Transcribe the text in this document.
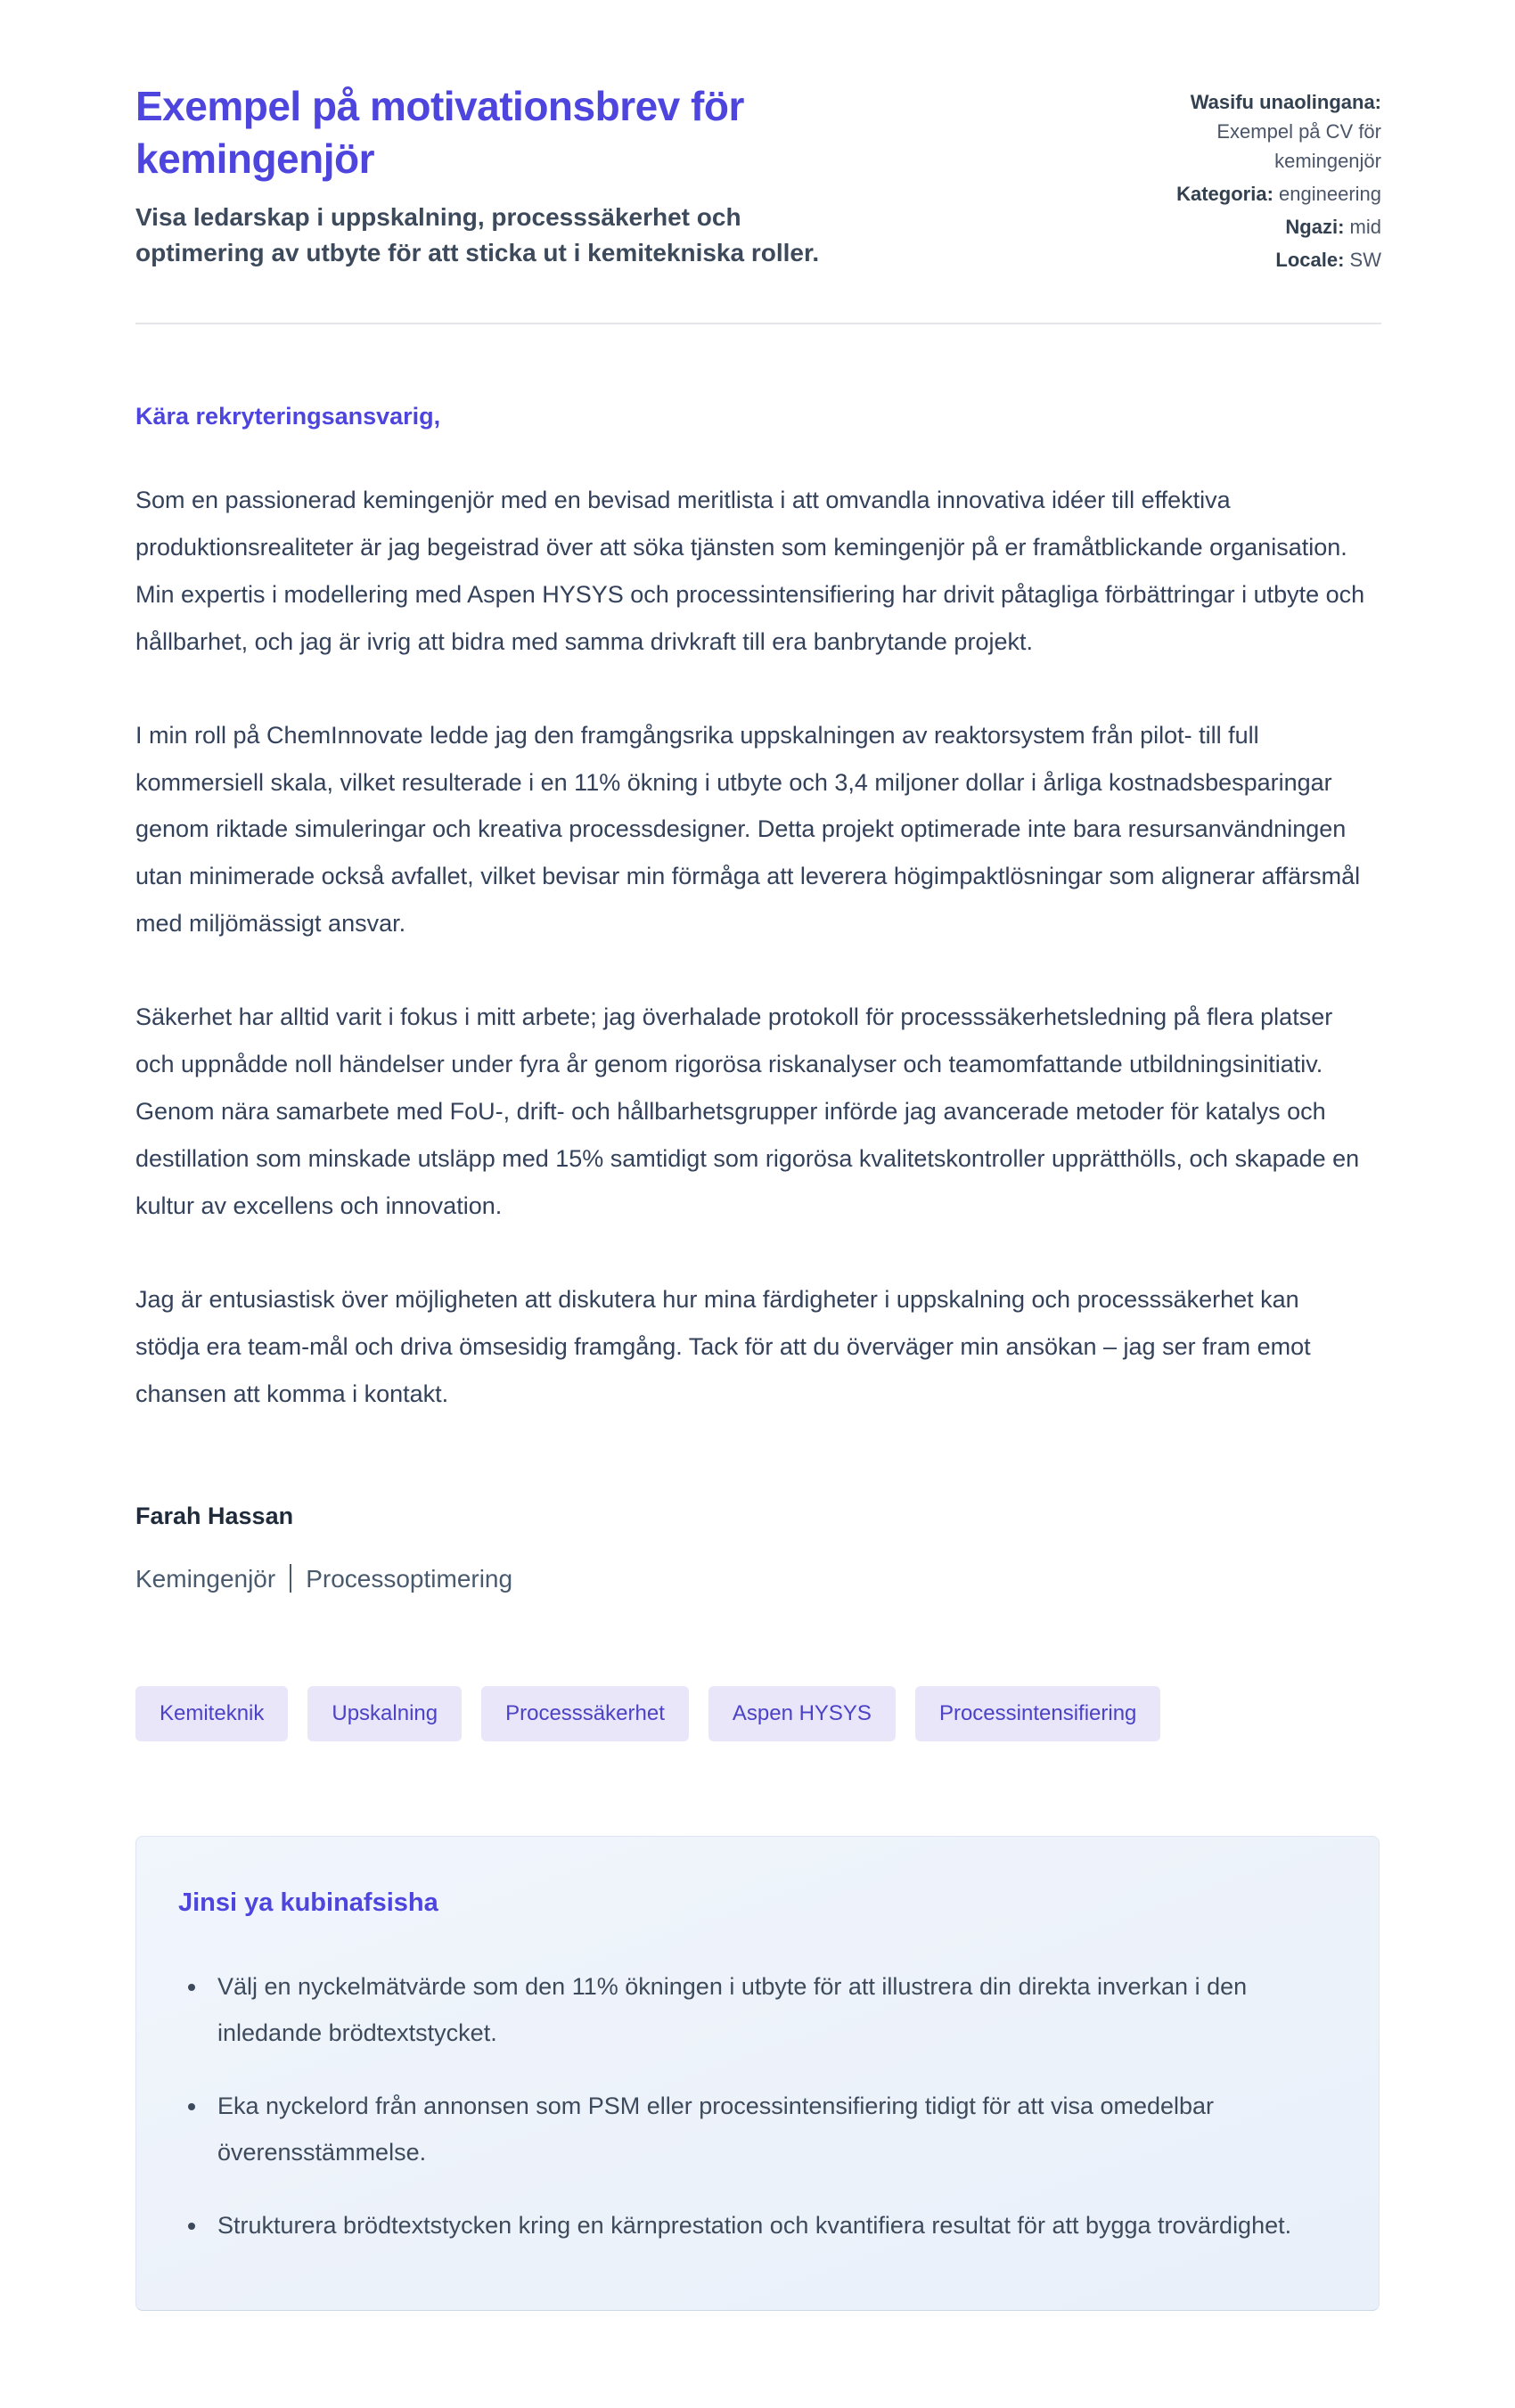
Exempel på motivationsbrev för kemingenjör

Visa ledarskap i uppskalning, processsäkerhet och optimering av utbyte för att sticka ut i kemitekniska roller.

Wasifu unaolingana: Exempel på CV för kemingenjör
Kategoria: engineering
Ngazi: mid
Locale: SW

Kära rekryteringsansvarig,

Som en passionerad kemingenjör med en bevisad meritlista i att omvandla innovativa idéer till effektiva produktionsrealiteter är jag begeistrad över att söka tjänsten som kemingenjör på er framåtblickande organisation. Min expertis i modellering med Aspen HYSYS och processintensifiering har drivit påtagliga förbättringar i utbyte och hållbarhet, och jag är ivrig att bidra med samma drivkraft till era banbrytande projekt.

I min roll på ChemInnovate ledde jag den framgångsrika uppskalningen av reaktorsystem från pilot- till full kommersiell skala, vilket resulterade i en 11% ökning i utbyte och 3,4 miljoner dollar i årliga kostnadsbesparingar genom riktade simuleringar och kreativa processdesigner. Detta projekt optimerade inte bara resursanvändningen utan minimerade också avfallet, vilket bevisar min förmåga att leverera högimpaktlösningar som alignerar affärsmål med miljömässigt ansvar.

Säkerhet har alltid varit i fokus i mitt arbete; jag överhalade protokoll för processsäkerhetsledning på flera platser och uppnådde noll händelser under fyra år genom rigorösa riskanalyser och teamomfattande utbildningsinitiativ. Genom nära samarbete med FoU-, drift- och hållbarhetsgrupper införde jag avancerade metoder för katalys och destillation som minskade utsläpp med 15% samtidigt som rigorösa kvalitetskontroller upprätthölls, och skapade en kultur av excellens och innovation.

Jag är entusiastisk över möjligheten att diskutera hur mina färdigheter i uppskalning och processsäkerhet kan stödja era team-mål och driva ömsesidig framgång. Tack för att du överväger min ansökan – jag ser fram emot chansen att komma i kontakt.

Farah Hassan

Kemingenjör Processoptimering

Kemiteknik	Upskalning	Processsäkerhet	Aspen HYSYS	Processintensifiering
Jinsi ya kubinafsisha
• Välj en nyckelmätvärde som den 11% ökningen i utbyte för att illustrera din direkta inverkan i den inledande brödtextstycket.
• Eka nyckelord från annonsen som PSM eller processintensifiering tidigt för att visa omedelbar överensstämmelse.
• Strukturera brödtextstycken kring en kärnprestation och kvantifiera resultat för att bygga trovärdighet.
